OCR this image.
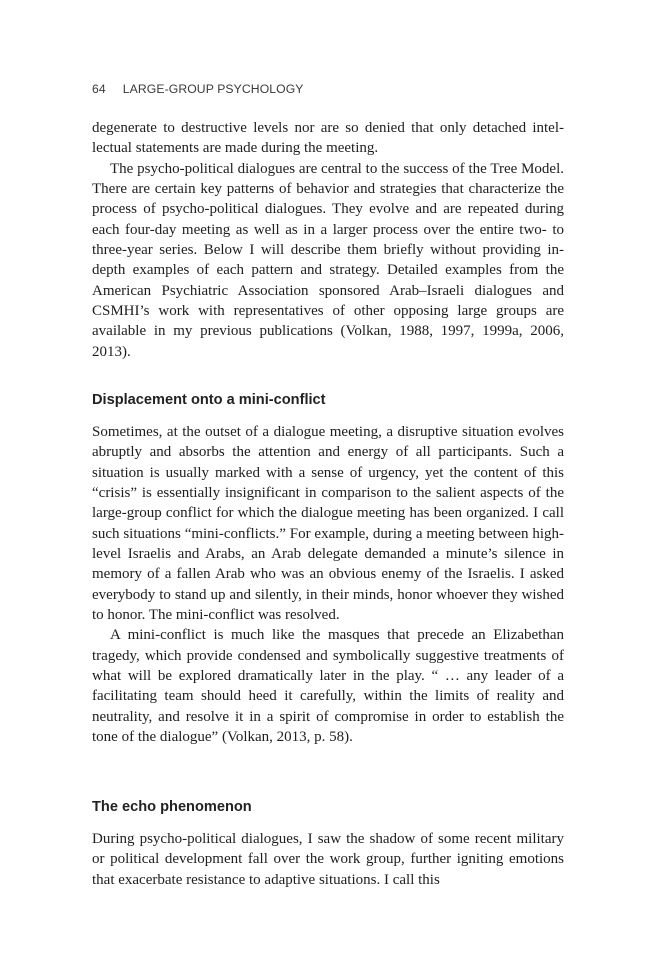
64 LARGE-GROUP PSYCHOLOGY

degenerate to destructive levels nor are so denied that only detached intellectual statements are made during the meeting.

The psycho-political dialogues are central to the success of the Tree Model. There are certain key patterns of behavior and strategies that characterize the process of psycho-political dialogues. They evolve and are repeated during each four-day meeting as well as in a larger process over the entire two- to three-year series. Below I will describe them briefly without providing in-depth examples of each pattern and strategy. Detailed examples from the American Psychiatric Association sponsored Arab–Israeli dialogues and CSMHI’s work with representatives of other opposing large groups are available in my previous publications (Volkan, 1988, 1997, 1999a, 2006, 2013).

Displacement onto a mini-conflict

Sometimes, at the outset of a dialogue meeting, a disruptive situation evolves abruptly and absorbs the attention and energy of all participants. Such a situation is usually marked with a sense of urgency, yet the content of this “crisis” is essentially insignificant in comparison to the salient aspects of the large-group conflict for which the dialogue meeting has been organized. I call such situations “mini-conflicts.” For example, during a meeting between high-level Israelis and Arabs, an Arab delegate demanded a minute’s silence in memory of a fallen Arab who was an obvious enemy of the Israelis. I asked everybody to stand up and silently, in their minds, honor whoever they wished to honor. The mini-conflict was resolved.

A mini-conflict is much like the masques that precede an Elizabethan tragedy, which provide condensed and symbolically suggestive treatments of what will be explored dramatically later in the play. “ … any leader of a facilitating team should heed it carefully, within the limits of reality and neutrality, and resolve it in a spirit of compromise in order to establish the tone of the dialogue” (Volkan, 2013, p. 58).

The echo phenomenon

During psycho-political dialogues, I saw the shadow of some recent military or political development fall over the work group, further igniting emotions that exacerbate resistance to adaptive situations. I call this
